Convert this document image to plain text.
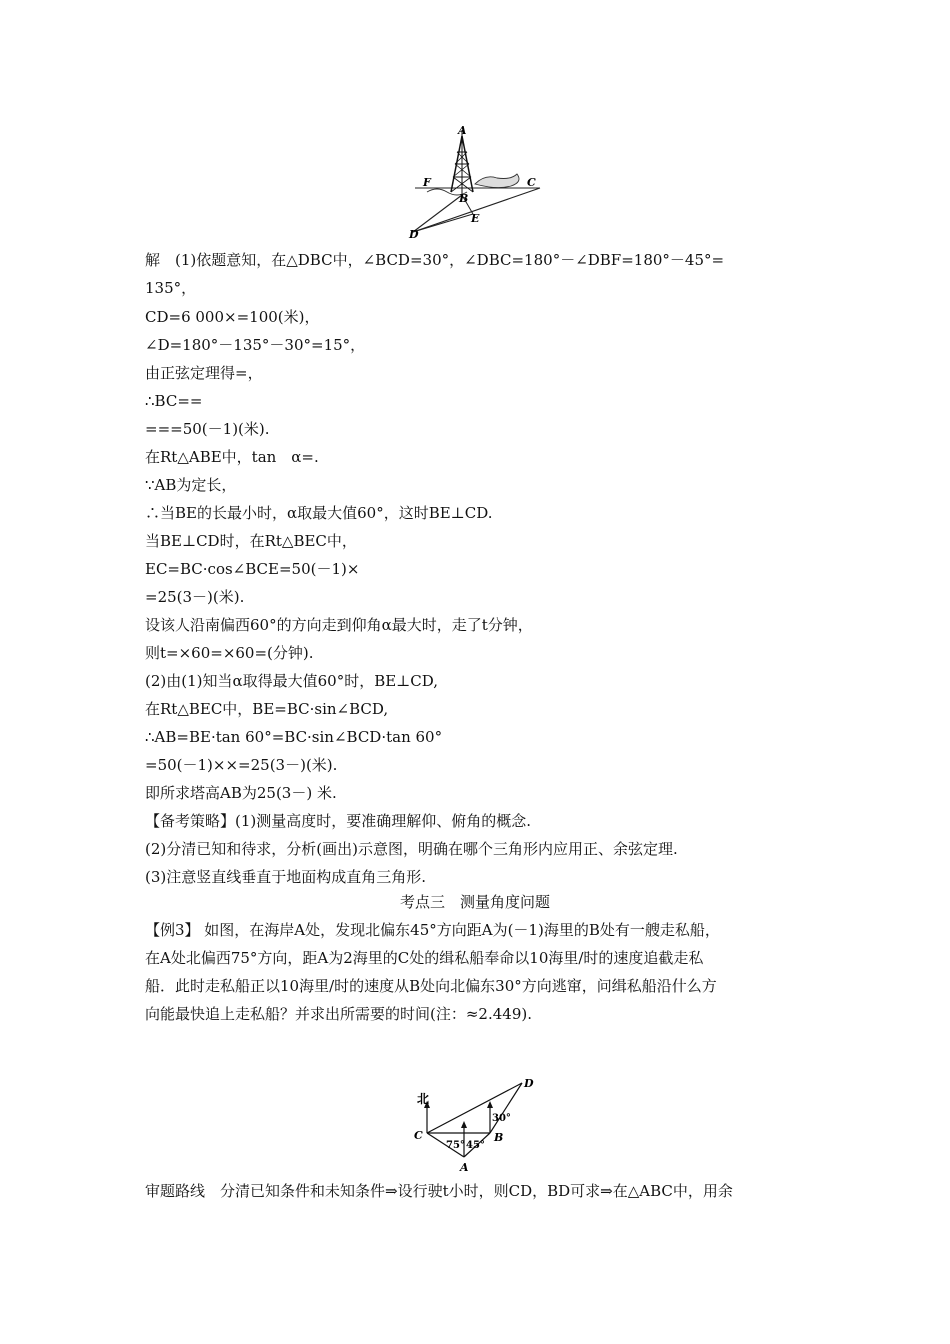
A
F
B
C
E
D
解　(1)依题意知，在△DBC中，∠BCD=30°，∠DBC=180°－∠DBF=180°－45°=
135°，
CD=6 000×=100(米)，
∠D=180°－135°－30°=15°，
由正弦定理得=，
∴BC==
===50(－1)(米).
在Rt△ABE中，tan　α=.
∵AB为定长，
∴当BE的长最小时，α取最大值60°，这时BE⊥CD.
当BE⊥CD时，在Rt△BEC中，
EC=BC·cos∠BCE=50(－1)×
=25(3－)(米).
设该人沿南偏西60°的方向走到仰角α最大时，走了t分钟，
则t=×60=×60=(分钟).
(2)由(1)知当α取得最大值60°时，BE⊥CD,
在Rt△BEC中，BE=BC·sin∠BCD,
∴AB=BE·tan 60°=BC·sin∠BCD·tan 60°
=50(－1)××=25(3－)(米).
即所求塔高AB为25(3－) 米.
【备考策略】(1)测量高度时，要准确理解仰、俯角的概念.
(2)分清已知和待求，分析(画出)示意图，明确在哪个三角形内应用正、余弦定理.
(3)注意竖直线垂直于地面构成直角三角形.
考点三　测量角度问题
【例3】 如图，在海岸A处，发现北偏东45°方向距A为(－1)海里的B处有一艘走私船，
在A处北偏西75°方向，距A为2海里的C处的缉私船奉命以10海里/时的速度追截走私
船．此时走私船正以10海里/时的速度从B处向北偏东30°方向逃窜，问缉私船沿什么方
向能最快追上走私船？并求出所需要的时间(注：≈2.449).
北
C
A
B
D
75° 45°
30°
审题路线　分清已知条件和未知条件⇒设行驶t小时，则CD，BD可求⇒在△ABC中，用余
